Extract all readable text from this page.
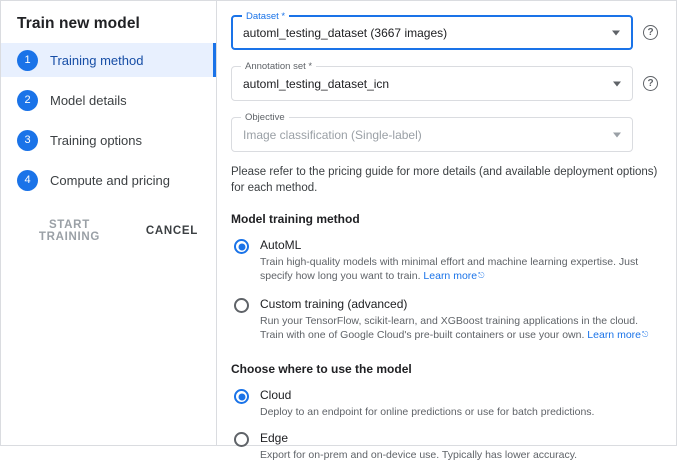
Train new model
1	Training method
2	Model details
3	Training options
4	Compute and pricing
START TRAINING	CANCEL
Dataset *
automl_testing_dataset (3667 images)	?
Annotation set *
automl_testing_dataset_icn	?
Objective
Image classification (Single-label)
Please refer to the pricing guide for more details (and available deployment options) for each method.
Model training method
AutoML
Train high-quality models with minimal effort and machine learning expertise. Just specify how long you want to train. Learn more⎋
Custom training (advanced)
Run your TensorFlow, scikit-learn, and XGBoost training applications in the cloud. Train with one of Google Cloud's pre-built containers or use your own. Learn more⎋
Choose where to use the model
Cloud
Deploy to an endpoint for online predictions or use for batch predictions.
Edge
Export for on-prem and on-device use. Typically has lower accuracy.
